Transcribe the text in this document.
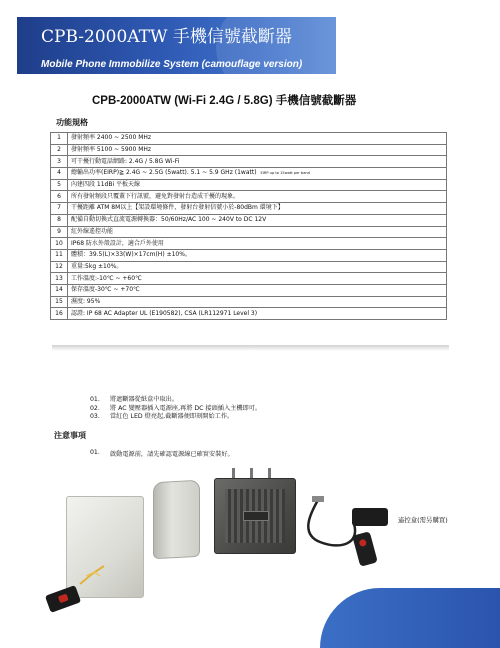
CPB-2000ATW 手機信號截斷器
Mobile Phone Immobilize System (camouflage version)
CPB-2000ATW (Wi-Fi 2.4G / 5.8G) 手機信號截斷器
功能規格
1	發射頻率 2400 ~ 2500 MHz
2	發射頻率 5100 ~ 5900 MHz
3	可干擾行動電話網路: 2.4G / 5.8G Wi-Fi
4	總輸出功率(EIRP)≧ 2.4G ~ 2.5G (5watt). 5.1 ~ 5.9 GHz (1watt) EIRP up to 15watt per band
5	內建四段 11dBi 平板天線
6	所有發射頻段只覆蓋下行訊號，避免對發射台造成干擾的現象。
7	干擾距離 ATM 8M以上【架設環境條件，發射台發射信號小於-80dBm 環境下】
8	配備自動切換式直流電源轉換器：50/60Hz/AC 100 ~ 240V to DC 12V
9	紅外線遙控功能
10	IP68 防水外殼設計，適合戶外使用
11	體積：39.5(L)×33(W)×17cm(H) ±10%。
12	重量:5kg ±10%。
13	工作溫度:-10℃ ~ +60℃
14	保存溫度-30℃ ~ +70℃
15	濕度: 95%
16	認證: IP 68 AC Adapter UL (E190582), CSA (LR112971 Level 3)
01.	將遮斷器從紙盒中取出。
02.	將 AC 變壓器插入電源座,再將 DC 接頭插入主機即可。
03.	當紅色 LED 燈亮起,截斷器便即刻開始工作。
注意事項
01.	啟動電源前，請先確認電源線已確實安裝好。
遙控盒(需另購買)
